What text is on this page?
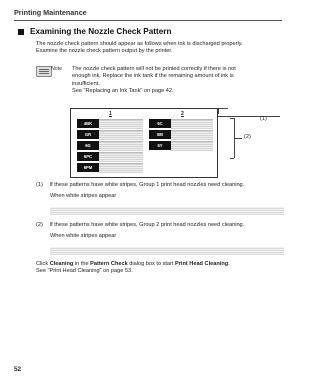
Printing Maintenance
Examining the Nozzle Check Pattern
The nozzle check pattern should appear as follows when ink is discharged properly.
Examine the nozzle check pattern output by the printer.
Note The nozzle check pattern will not be printed correctly if there is not
enough ink. Replace the ink tank if the remaining amount of ink is
insufficient.
See "Replacing an Ink Tank" on page 42.
1	2
4BK
GR
6G
6PC
6PM
6C
6M
6Y
(1)
(2)
(1) If these patterns have white stripes, Group 1 print head nozzles need cleaning.
When white stripes appear
(2) If these patterns have white stripes, Group 2 print head nozzles need cleaning.
When white stripes appear
Click Cleaning in the Pattern Check dialog box to start Print Head Cleaning.
See "Print Head Cleaning" on page 53.
52
